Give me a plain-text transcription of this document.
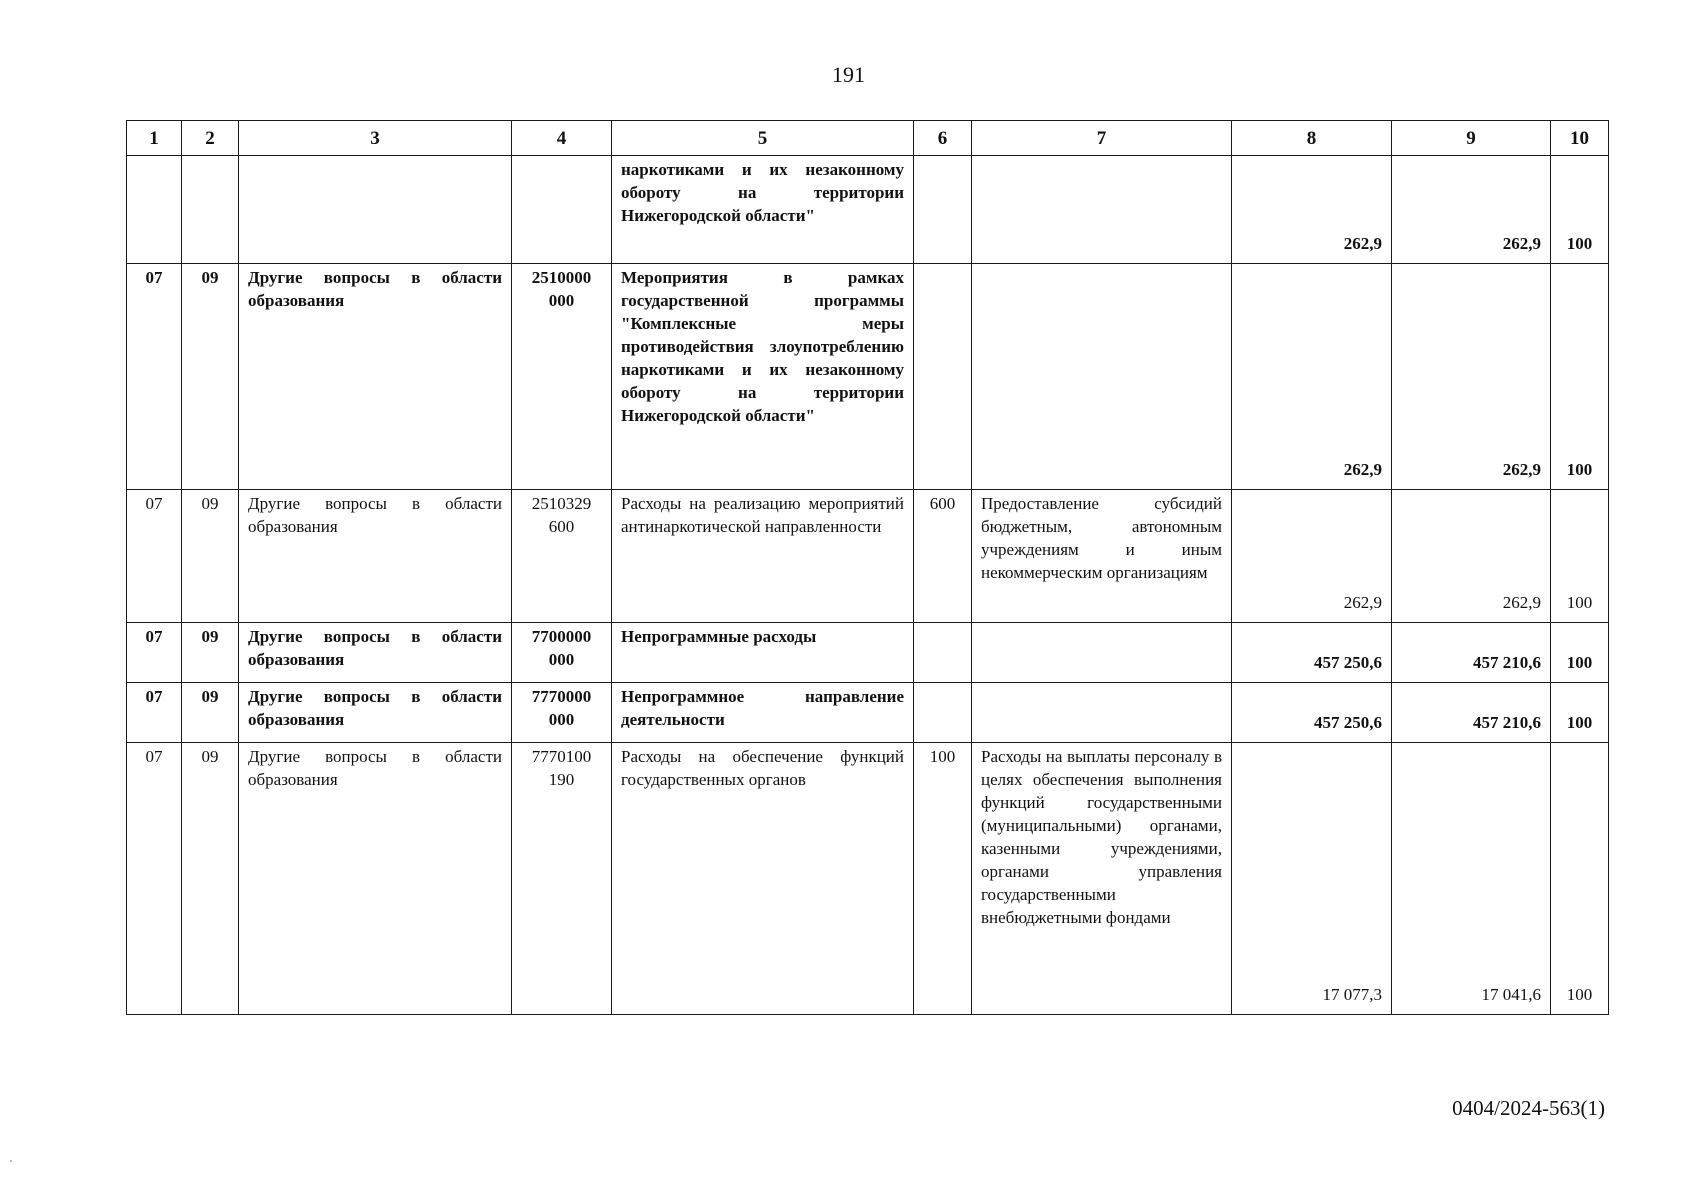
191
1	2	3	4	5	6	7	8	9	10
				наркотиками и их незаконному обороту на территории Нижегородской области"			262,9	262,9	100
07	09	Другие вопросы в области образования	2510000 000	Мероприятия в рамках государственной программы "Комплексные меры противодействия злоупотреблению наркотиками и их незаконному обороту на территории Нижегородской области"			262,9	262,9	100
07	09	Другие вопросы в области образования	2510329 600	Расходы на реализацию мероприятий антинаркотической направленности	600	Предоставление субсидий бюджетным, автономным учреждениям и иным некоммерческим организациям	262,9	262,9	100
07	09	Другие вопросы в области образования	7700000 000	Непрограммные расходы			457 250,6	457 210,6	100
07	09	Другие вопросы в области образования	7770000 000	Непрограммное направление деятельности			457 250,6	457 210,6	100
07	09	Другие вопросы в области образования	7770100 190	Расходы на обеспечение функций государственных органов	100	Расходы на выплаты персоналу в целях обеспечения выполнения функций государственными (муниципальными) органами, казенными учреждениями, органами управления государственными внебюджетными фондами	17 077,3	17 041,6	100
0404/2024-563(1)
